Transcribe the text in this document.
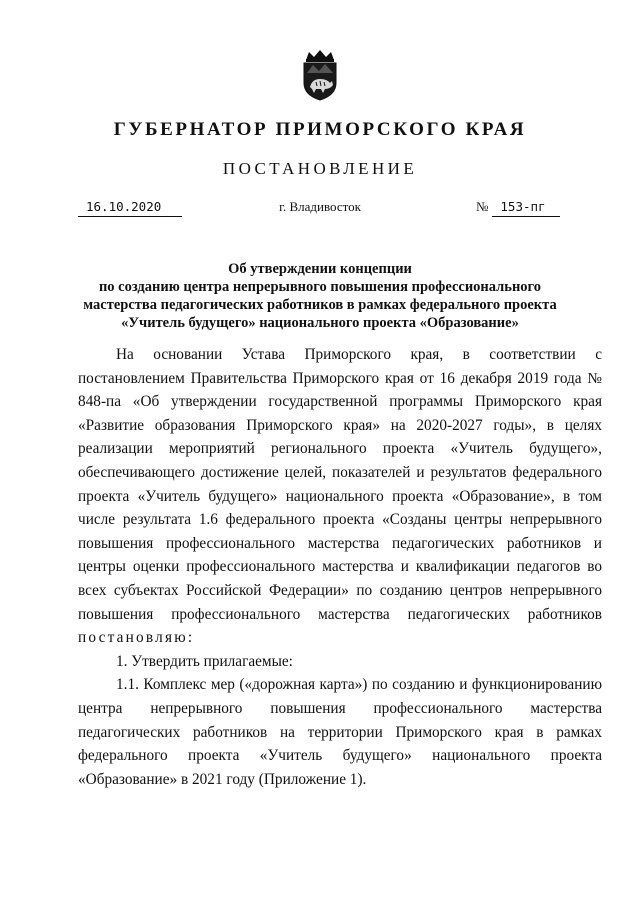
ГУБЕРНАТОР ПРИМОРСКОГО КРАЯ
ПОСТАНОВЛЕНИЕ
16.10.2020	г. Владивосток	№ 153-пг
Об утверждении концепции
по созданию центра непрерывного повышения профессионального
мастерства педагогических работников в рамках федерального проекта
«Учитель будущего» национального проекта «Образование»

На основании Устава Приморского края, в соответствии с постановлением Правительства Приморского края от 16 декабря 2019 года № 848-па «Об утверждении государственной программы Приморского края «Развитие образования Приморского края» на 2020-2027 годы», в целях реализации мероприятий регионального проекта «Учитель будущего», обеспечивающего достижение целей, показателей и результатов федерального проекта «Учитель будущего» национального проекта «Образование», в том числе результата 1.6 федерального проекта «Созданы центры непрерывного повышения профессионального мастерства педагогических работников и центры оценки профессионального мастерства и квалификации педагогов во всех субъектах Российской Федерации» по созданию центров непрерывного повышения профессионального мастерства педагогических работников постановляю:

1. Утвердить прилагаемые:

1.1. Комплекс мер («дорожная карта») по созданию и функционированию центра непрерывного повышения профессионального мастерства педагогических работников на территории Приморского края в рамках федерального проекта «Учитель будущего» национального проекта «Образование» в 2021 году (Приложение 1).
